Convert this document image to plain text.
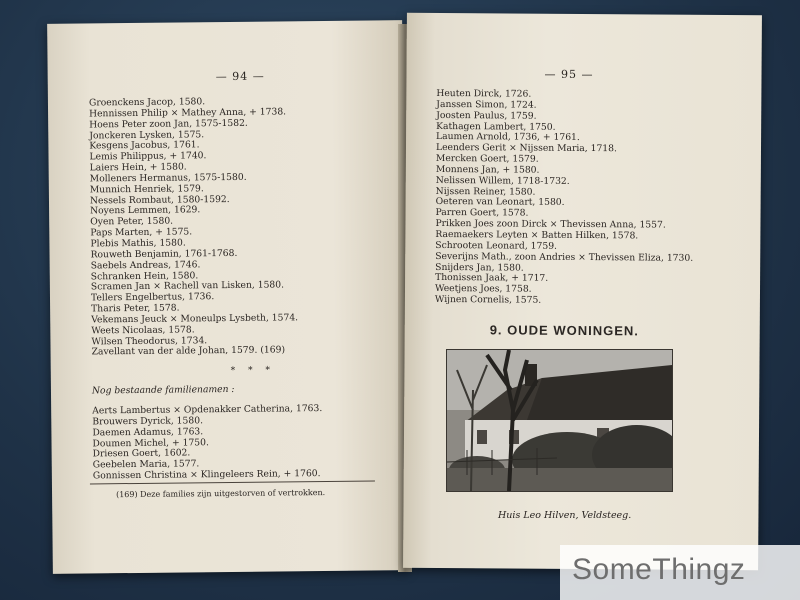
— 94 —
Groenckens Jacop, 1580.
Hennissen Philip × Mathey Anna, + 1738.
Hoens Peter zoon Jan, 1575-1582.
Jonckeren Lysken, 1575.
Kesgens Jacobus, 1761.
Lemis Philippus, + 1740.
Laiers Hein, + 1580.
Molleners Hermanus, 1575-1580.
Munnich Henriek, 1579.
Nessels Rombaut, 1580-1592.
Noyens Lemmen, 1629.
Oyen Peter, 1580.
Paps Marten, + 1575.
Plebis Mathis, 1580.
Rouweth Benjamin, 1761-1768.
Saebels Andreas, 1746.
Schranken Hein, 1580.
Scramen Jan × Rachell van Lisken, 1580.
Tellers Engelbertus, 1736.
Tharis Peter, 1578.
Vekemans Jeuck × Moneulps Lysbeth, 1574.
Weets Nicolaas, 1578.
Wilsen Theodorus, 1734.
Zavellant van der alde Johan, 1579. (169)
* * *
Nog bestaande familienamen :
Aerts Lambertus × Opdenakker Catherina, 1763.
Brouwers Dyrick, 1580.
Daemen Adamus, 1763.
Doumen Michel, + 1750.
Driesen Goert, 1602.
Geebelen Maria, 1577.
Gonnissen Christina × Klingeleers Rein, + 1760.
(169) Deze families zijn uitgestorven of vertrokken.
— 95 —
Heuten Dirck, 1726.
Janssen Simon, 1724.
Joosten Paulus, 1759.
Kathagen Lambert, 1750.
Laumen Arnold, 1736, + 1761.
Leenders Gerit × Nijssen Maria, 1718.
Mercken Goert, 1579.
Monnens Jan, + 1580.
Nelissen Willem, 1718-1732.
Nijssen Reiner, 1580.
Oeteren van Leonart, 1580.
Parren Goert, 1578.
Prikken Joes zoon Dirck × Thevissen Anna, 1557.
Raemaekers Leyten × Batten Hilken, 1578.
Schrooten Leonard, 1759.
Severijns Math., zoon Andries × Thevissen Eliza, 1730.
Snijders Jan, 1580.
Thonissen Jaak, + 1717.
Weetjens Joes, 1758.
Wijnen Cornelis, 1575.
9. OUDE WONINGEN.
Huis Leo Hilven, Veldsteeg.
SomeThingz
